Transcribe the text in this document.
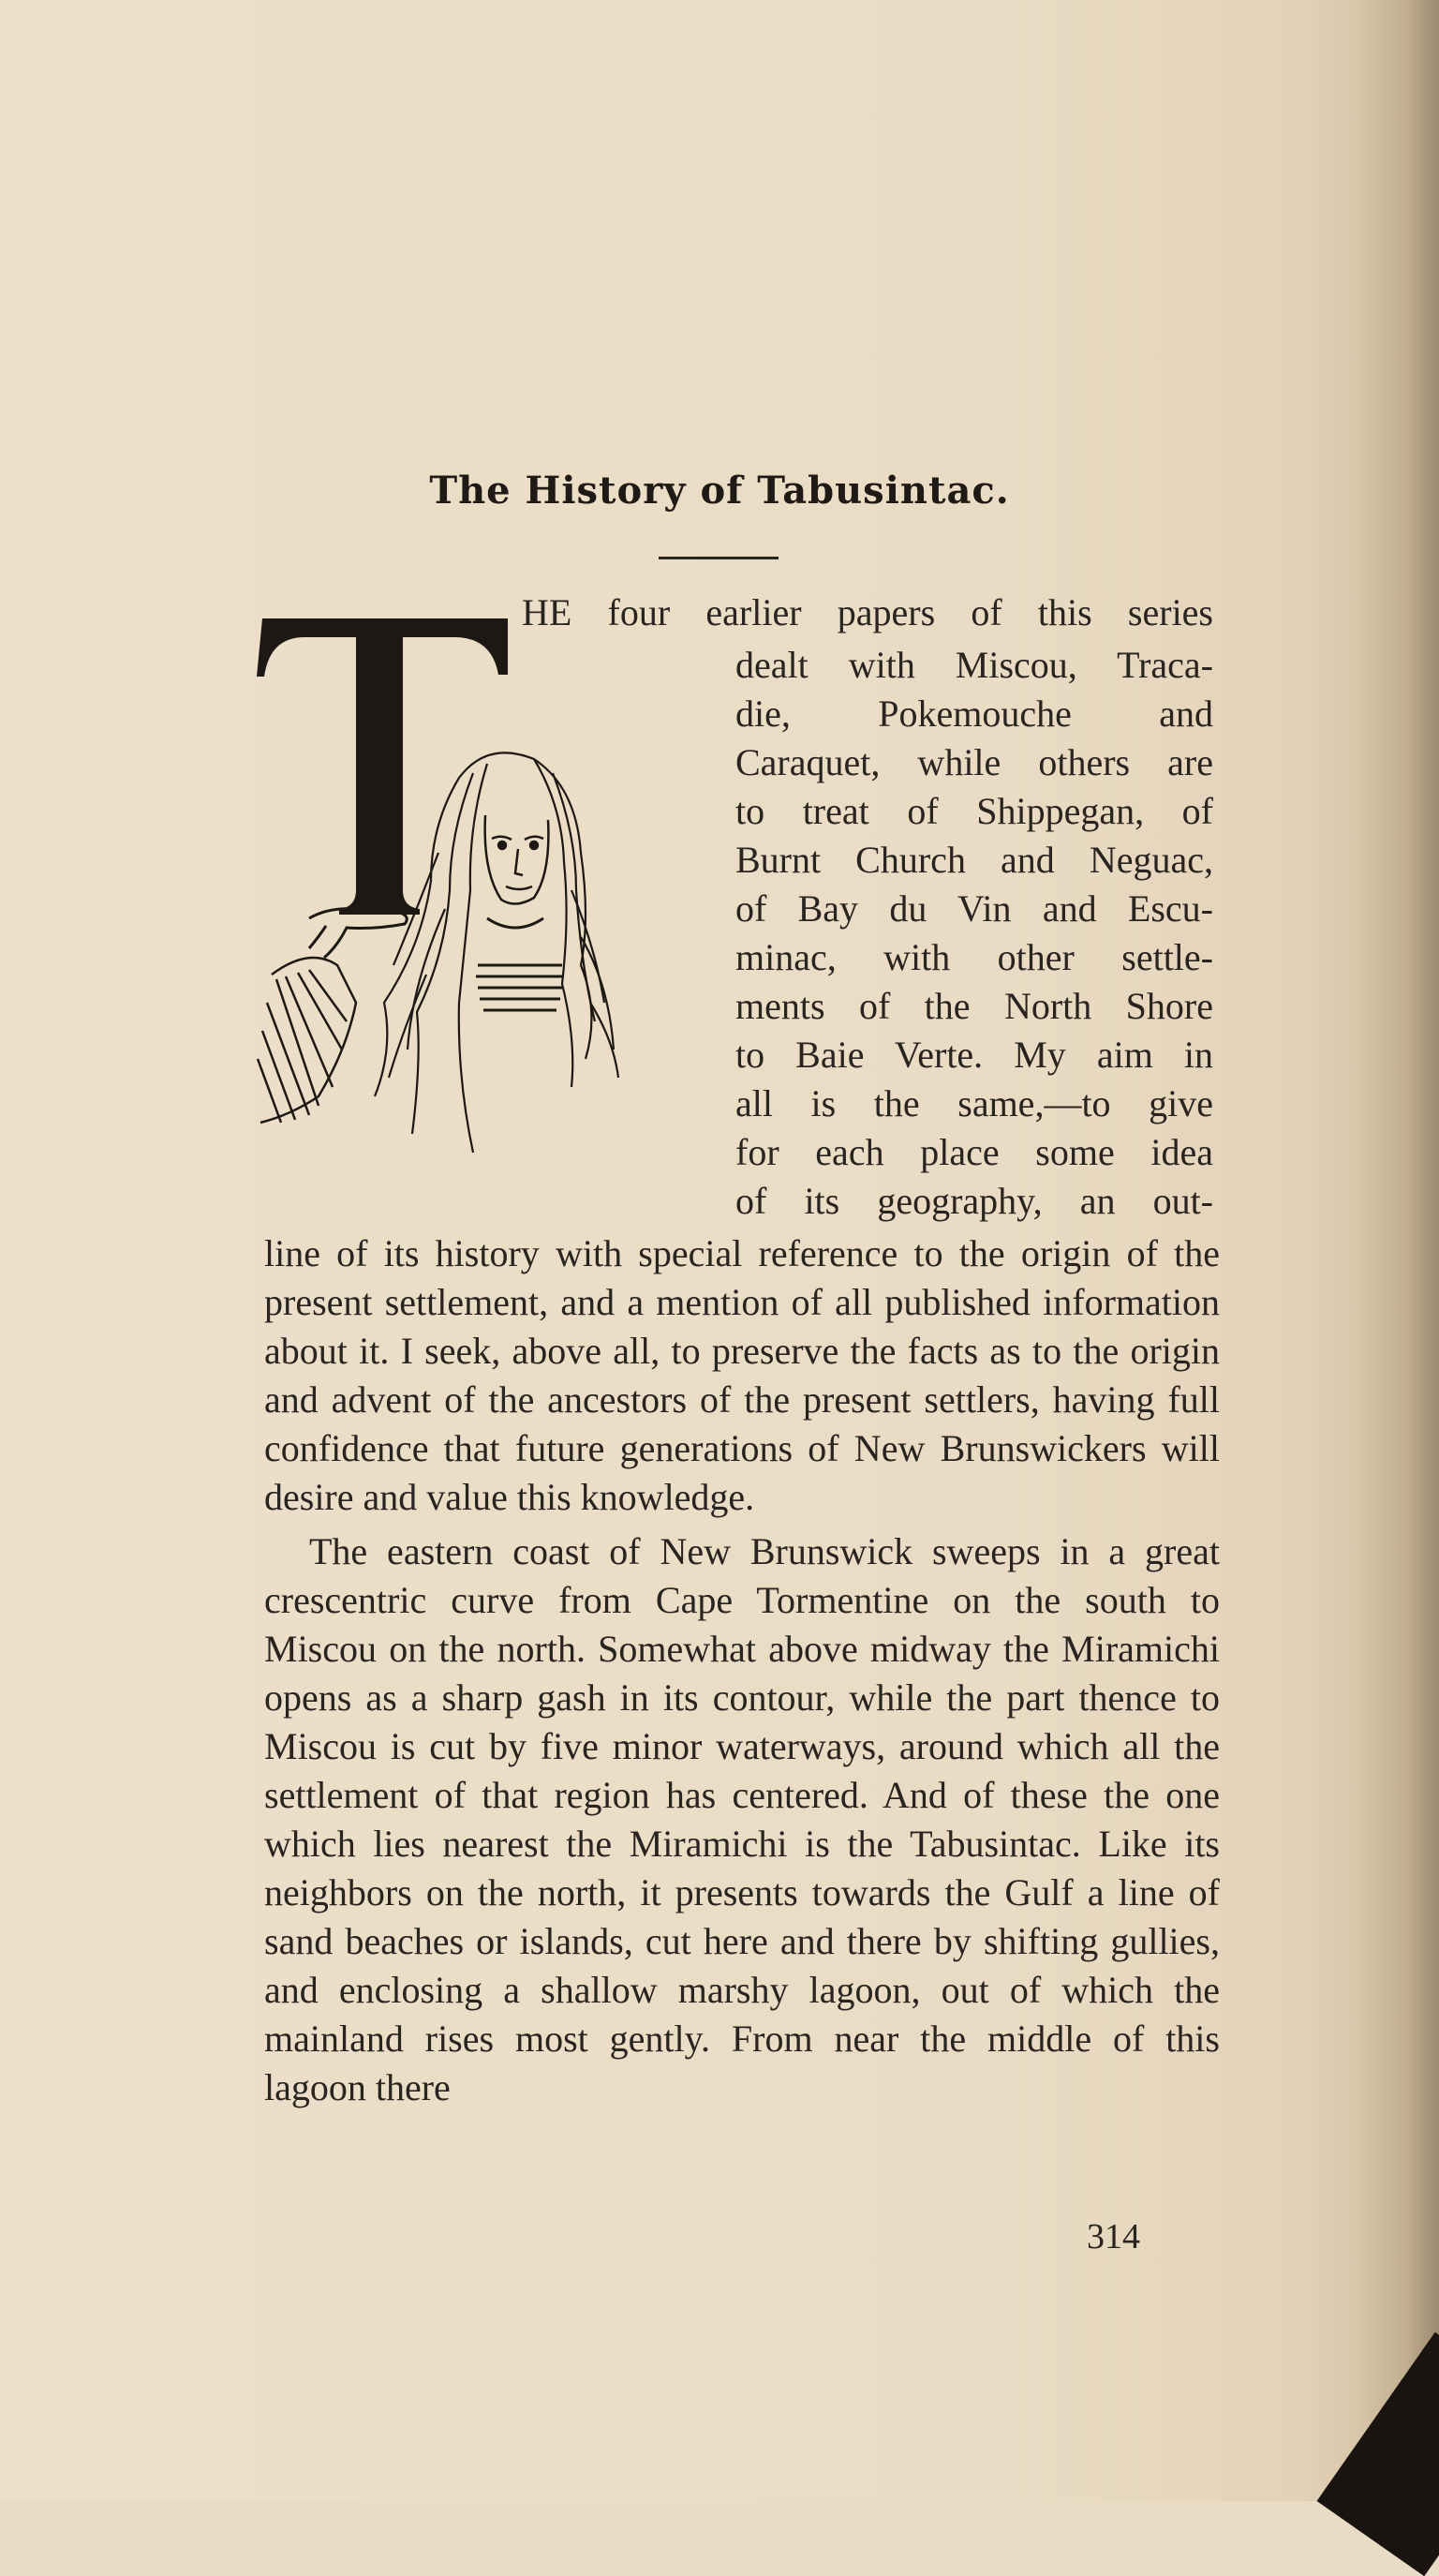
The History of Tabusintac.
HE four earlier papers of this series
dealt with Miscou, Traca-
die, Pokemouche and
Caraquet, while others are
to treat of Shippegan, of
Burnt Church and Neguac,
of Bay du Vin and Escu-
minac, with other settle-
ments of the North Shore
to Baie Verte. My aim in
all is the same,—to give
for each place some idea
of its geography, an out-

line of its history with special reference to the origin of the present settlement, and a mention of all published information about it. I seek, above all, to preserve the facts as to the origin and advent of the ancestors of the present settlers, having full confidence that future generations of New Brunswickers will desire and value this knowledge.

The eastern coast of New Brunswick sweeps in a great crescentric curve from Cape Tormentine on the south to Miscou on the north. Somewhat above midway the Miramichi opens as a sharp gash in its contour, while the part thence to Miscou is cut by five minor waterways, around which all the settlement of that region has centered. And of these the one which lies nearest the Miramichi is the Tabusintac. Like its neighbors on the north, it presents towards the Gulf a line of sand beaches or islands, cut here and there by shifting gullies, and enclosing a shallow marshy lagoon, out of which the mainland rises most gently. From near the middle of this lagoon there

314
